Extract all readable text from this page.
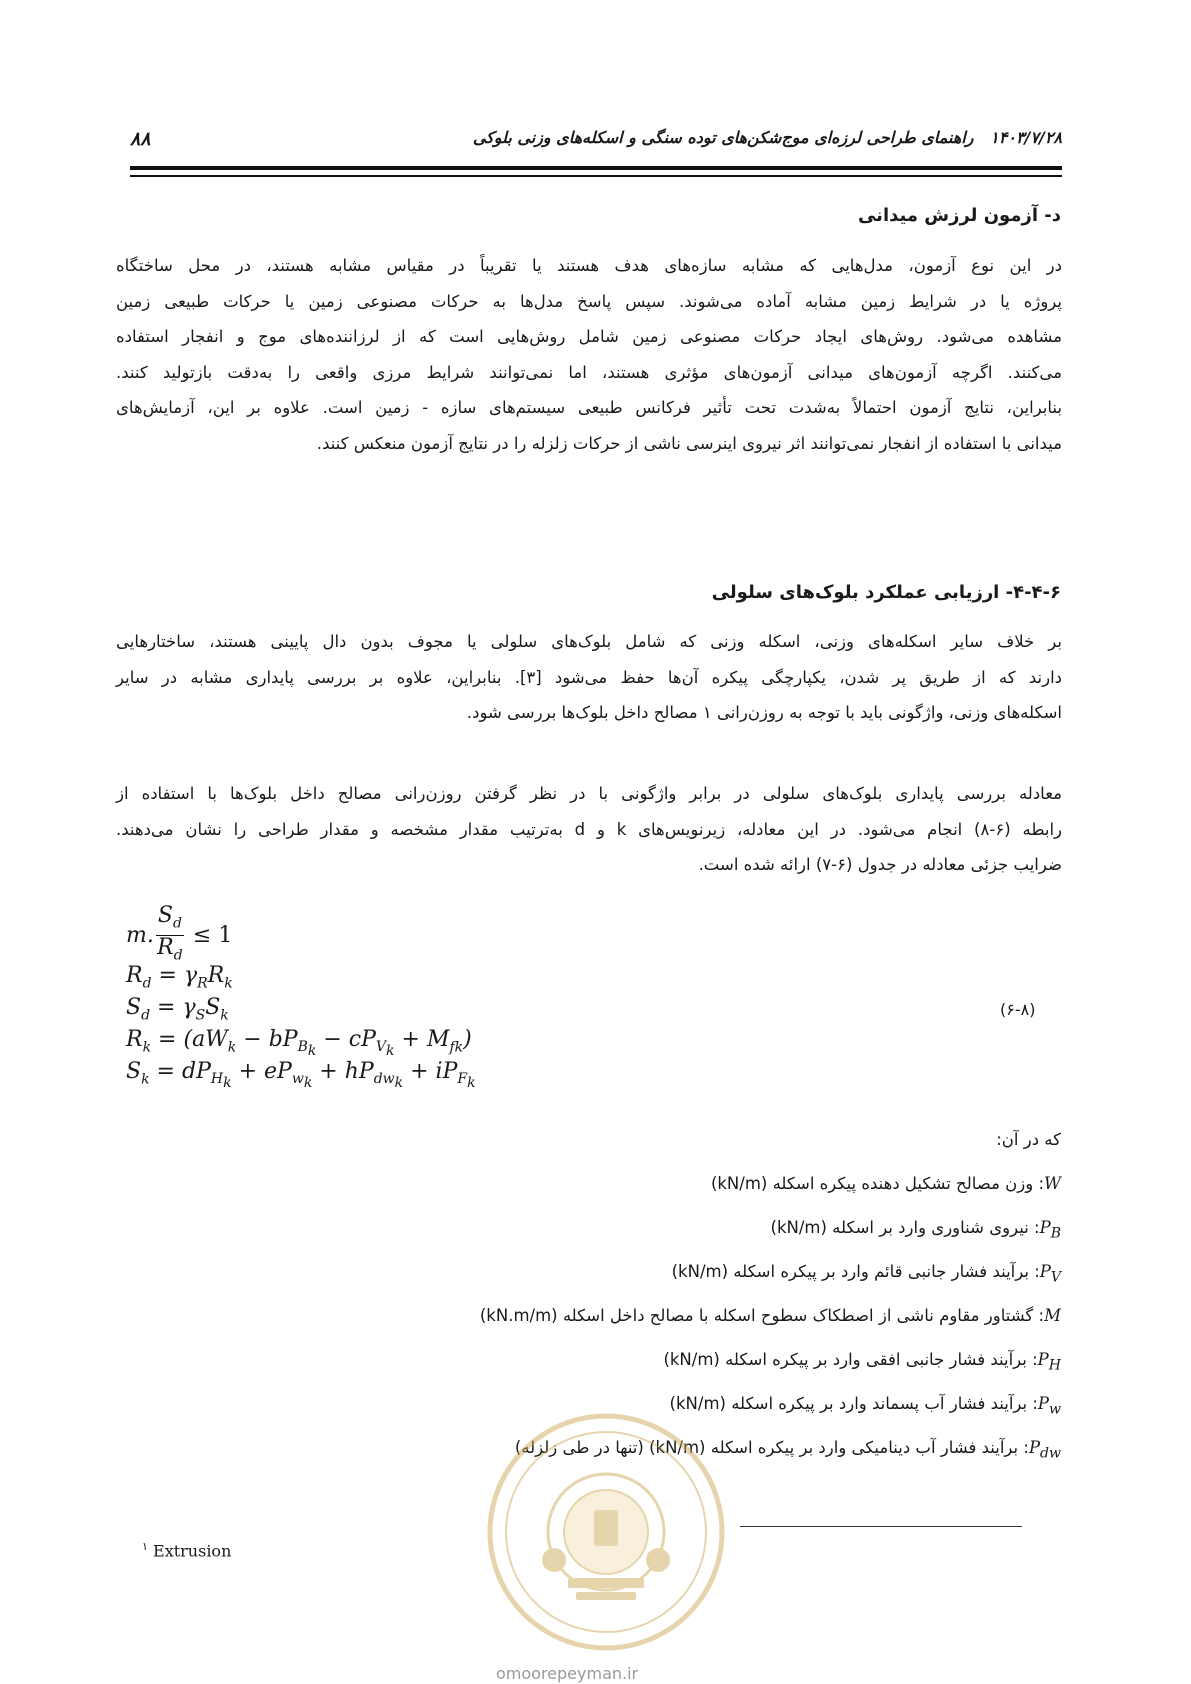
۸۸	۱۴۰۳/۷/۲۸   راهنمای طراحی لرزه‌ای موج‌شکن‌های توده سنگی و اسکله‌های وزنی بلوکی
د- آزمون لرزش میدانی
در این نوع آزمون، مدل‌هایی که مشابه سازه‌های هدف هستند یا تقریباً در مقیاس مشابه هستند، در محل ساختگاه
پروژه یا در شرایط زمین مشابه آماده می‌شوند. سپس پاسخ مدل‌ها به حرکات مصنوعی زمین یا حرکات طبیعی زمین
مشاهده می‌شود. روش‌های ایجاد حرکات مصنوعی زمین شامل روش‌هایی است که از لرزاننده‌های موج و انفجار استفاده
می‌کنند. اگرچه آزمون‌های میدانی آزمون‌های مؤثری هستند، اما نمی‌توانند شرایط مرزی واقعی را به‌دقت بازتولید کنند.
بنابراین، نتایج آزمون احتمالاً به‌شدت تحت تأثیر فرکانس طبیعی سیستم‌های سازه - زمین است. علاوه بر این، آزمایش‌های
میدانی با استفاده از انفجار نمی‌توانند اثر نیروی اینرسی ناشی از حرکات زلزله را در نتایج آزمون منعکس کنند.
۴-۴-۶- ارزیابی عملکرد بلوک‌های سلولی
بر خلاف سایر اسکله‌های وزنی، اسکله وزنی که شامل بلوک‌های سلولی یا مجوف بدون دال پایینی هستند، ساختارهایی
دارند که از طریق پر شدن، یکپارچگی پیکره آن‌ها حفظ می‌شود [۳]. بنابراین، علاوه بر بررسی پایداری مشابه در سایر
اسکله‌های وزنی، واژگونی باید با توجه به روزن‌رانی ۱ مصالح داخل بلوک‌ها بررسی شود.
معادله بررسی پایداری بلوک‌های سلولی در برابر واژگونی با در نظر گرفتن روزن‌رانی مصالح داخل بلوک‌ها با استفاده از
رابطه (۶-۸) انجام می‌شود. در این معادله، زیرنویس‌های k و d به‌ترتیب مقدار مشخصه و مقدار طراحی را نشان می‌دهند.
ضرایب جزئی معادله در جدول (۶-۷) ارائه شده است.
m. $\frac{S_d}{R_d} \le 1$
$R_d = \gamma_RR_k$
$S_d = \gamma_SS_k$
$R_k = (aW_k - bP_{B_k} - cP_{V_k} + M_{fk})$
$S_k = dP_{H_k} + eP_{w_k} + hP_{dw_k} + iP_{F_k}$
(۶-۸)
که در آن:
W: وزن مصالح تشکیل دهنده پیکره اسکله (kN/m)
$P_B$: نیروی شناوری وارد بر اسکله (kN/m)
$P_V$: برآیند فشار جانبی قائم وارد بر پیکره اسکله (kN/m)
M: گشتاور مقاوم ناشی از اصطکاک سطوح اسکله با مصالح داخل اسکله (kN.m/m)
$P_H$: برآیند فشار جانبی افقی وارد بر پیکره اسکله (kN/m)
$P_w$: برآیند فشار آب پسماند وارد بر پیکره اسکله (kN/m)
$P_{dw}$: برآیند فشار آب دینامیکی وارد بر پیکره اسکله (kN/m) (تنها در طی زلزله)
$^۱$ Extrusion
omoorepeyman.ir
